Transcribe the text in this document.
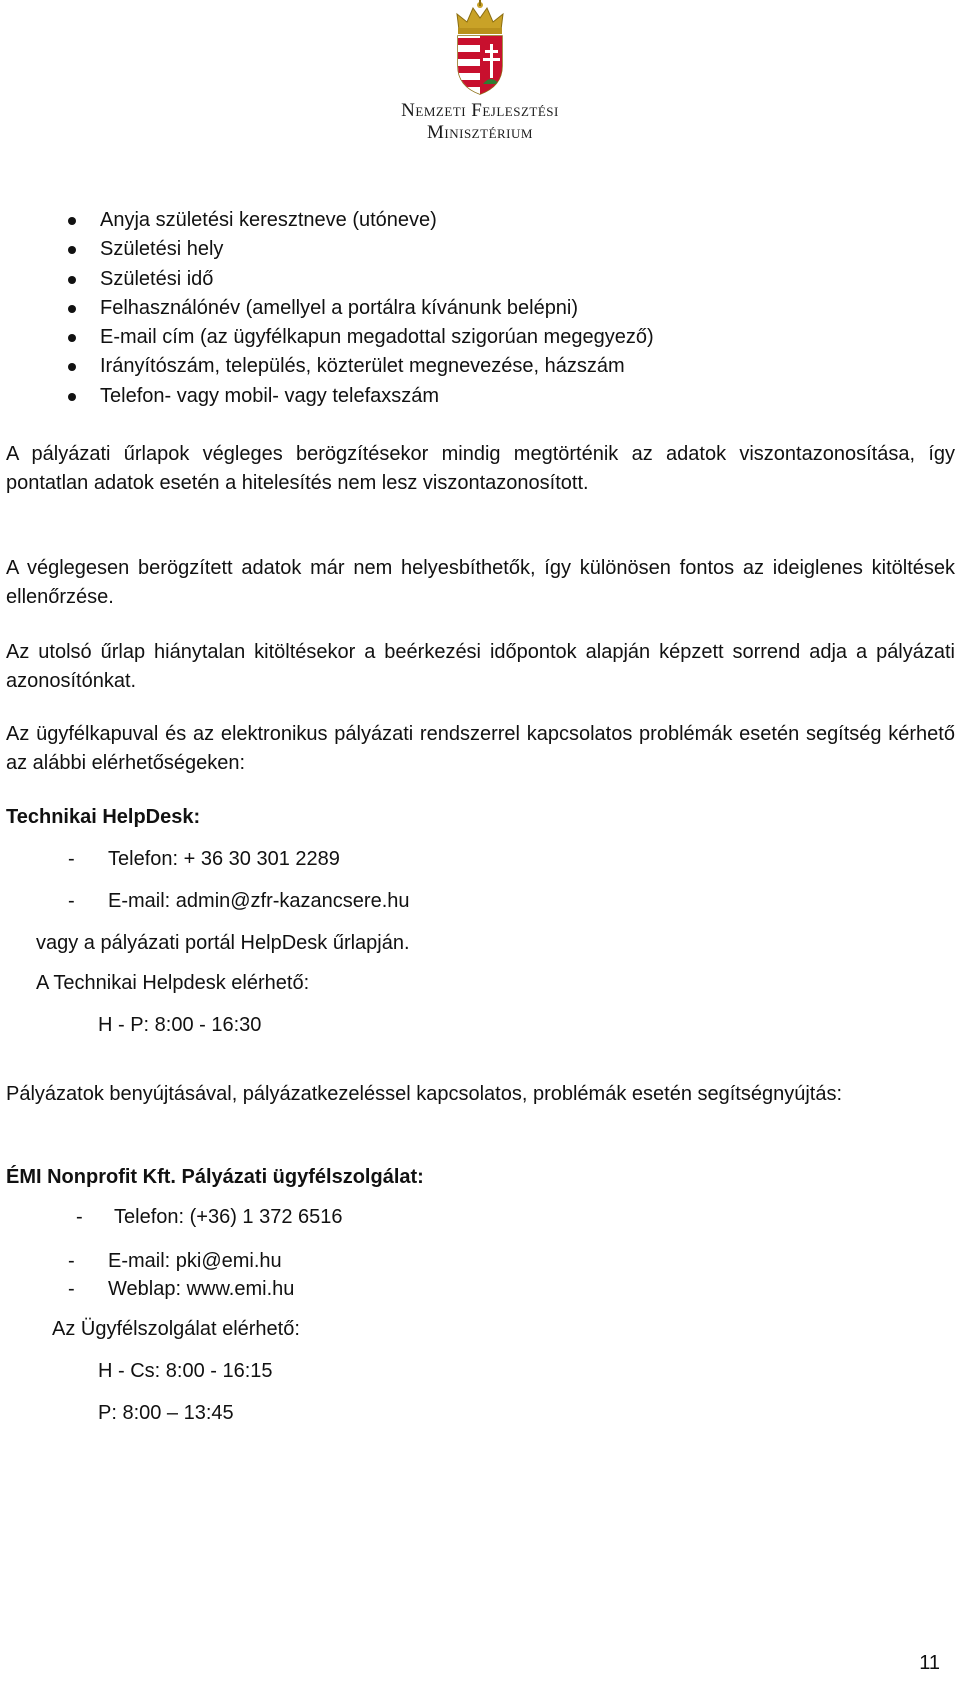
Nemzeti Fejlesztési
Minisztérium
Anyja születési keresztneve (utóneve)
Születési hely
Születési idő
Felhasználónév (amellyel a portálra kívánunk belépni)
E-mail cím (az ügyfélkapun megadottal szigorúan megegyező)
Irányítószám, település, közterület megnevezése, házszám
Telefon- vagy mobil- vagy telefaxszám

A pályázati űrlapok végleges berögzítésekor mindig megtörténik az adatok viszontazonosítása, így pontatlan adatok esetén a hitelesítés nem lesz viszontazonosított.

A véglegesen berögzített adatok már nem helyesbíthetők, így különösen fontos az ideiglenes kitöltések ellenőrzése.

Az utolsó űrlap hiánytalan kitöltésekor a beérkezési időpontok alapján képzett sorrend adja a pályázati azonosítónkat.

Az ügyfélkapuval és az elektronikus pályázati rendszerrel kapcsolatos problémák esetén segítség kérhető az alábbi elérhetőségeken:

Technikai HelpDesk:
- Telefon: + 36 30 301 2289
- E-mail: admin@zfr-kazancsere.hu
vagy a pályázati portál HelpDesk űrlapján.
A Technikai Helpdesk elérhető:
H - P: 8:00 - 16:30

Pályázatok benyújtásával, pályázatkezeléssel kapcsolatos, problémák esetén segítségnyújtás:

ÉMI Nonprofit Kft. Pályázati ügyfélszolgálat:
- Telefon: (+36) 1 372 6516
- E-mail: pki@emi.hu
- Weblap: www.emi.hu
Az Ügyfélszolgálat elérhető:
H - Cs: 8:00 - 16:15
P: 8:00 – 13:45
11
